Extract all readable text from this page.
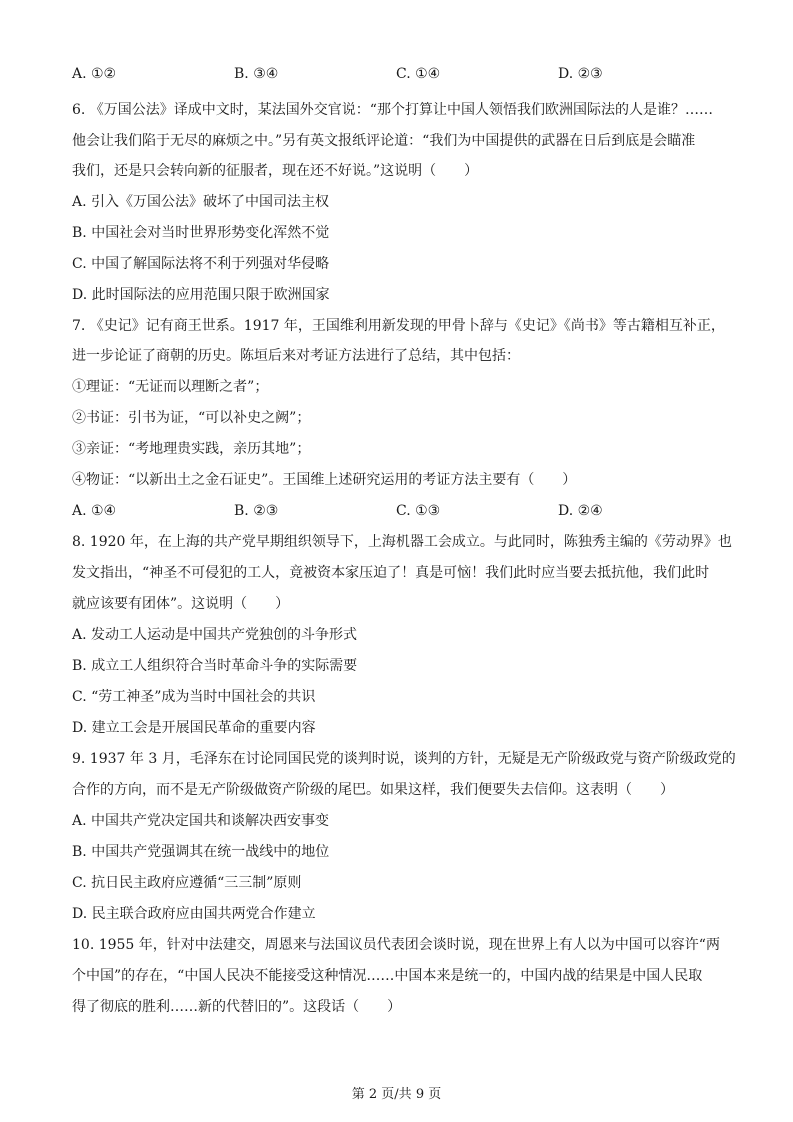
A. ①②	B. ③④	C. ①④	D. ②③
6. 《万国公法》译成中文时，某法国外交官说：“那个打算让中国人领悟我们欧洲国际法的人是谁？……
他会让我们陷于无尽的麻烦之中。”另有英文报纸评论道：“我们为中国提供的武器在日后到底是会瞄准
我们，还是只会转向新的征服者，现在还不好说。”这说明（　　）
A. 引入《万国公法》破坏了中国司法主权
B. 中国社会对当时世界形势变化浑然不觉
C. 中国了解国际法将不利于列强对华侵略
D. 此时国际法的应用范围只限于欧洲国家
7. 《史记》记有商王世系。1917 年，王国维利用新发现的甲骨卜辞与《史记》《尚书》等古籍相互补正，
进一步论证了商朝的历史。陈垣后来对考证方法进行了总结，其中包括：
①理证：“无证而以理断之者”；
②书证：引书为证，“可以补史之阙”；
③亲证：“考地理贵实践，亲历其地”；
④物证：“以新出土之金石证史”。王国维上述研究运用的考证方法主要有（　　）
A. ①④	B. ②③	C. ①③	D. ②④
8. 1920 年，在上海的共产党早期组织领导下，上海机器工会成立。与此同时，陈独秀主编的《劳动界》也
发文指出，“神圣不可侵犯的工人，竟被资本家压迫了！真是可恼！我们此时应当要去抵抗他，我们此时
就应该要有团体”。这说明（　　）
A. 发动工人运动是中国共产党独创的斗争形式
B. 成立工人组织符合当时革命斗争的实际需要
C. “劳工神圣”成为当时中国社会的共识
D. 建立工会是开展国民革命的重要内容
9. 1937 年 3 月，毛泽东在讨论同国民党的谈判时说，谈判的方针，无疑是无产阶级政党与资产阶级政党的
合作的方向，而不是无产阶级做资产阶级的尾巴。如果这样，我们便要失去信仰。这表明（　　）
A. 中国共产党决定国共和谈解决西安事变
B. 中国共产党强调其在统一战线中的地位
C. 抗日民主政府应遵循“三三制”原则
D. 民主联合政府应由国共两党合作建立
10. 1955 年，针对中法建交，周恩来与法国议员代表团会谈时说，现在世界上有人以为中国可以容许“两
个中国”的存在，“中国人民决不能接受这种情况……中国本来是统一的，中国内战的结果是中国人民取
得了彻底的胜利……新的代替旧的”。这段话（　　）
第 2 页/共 9 页
